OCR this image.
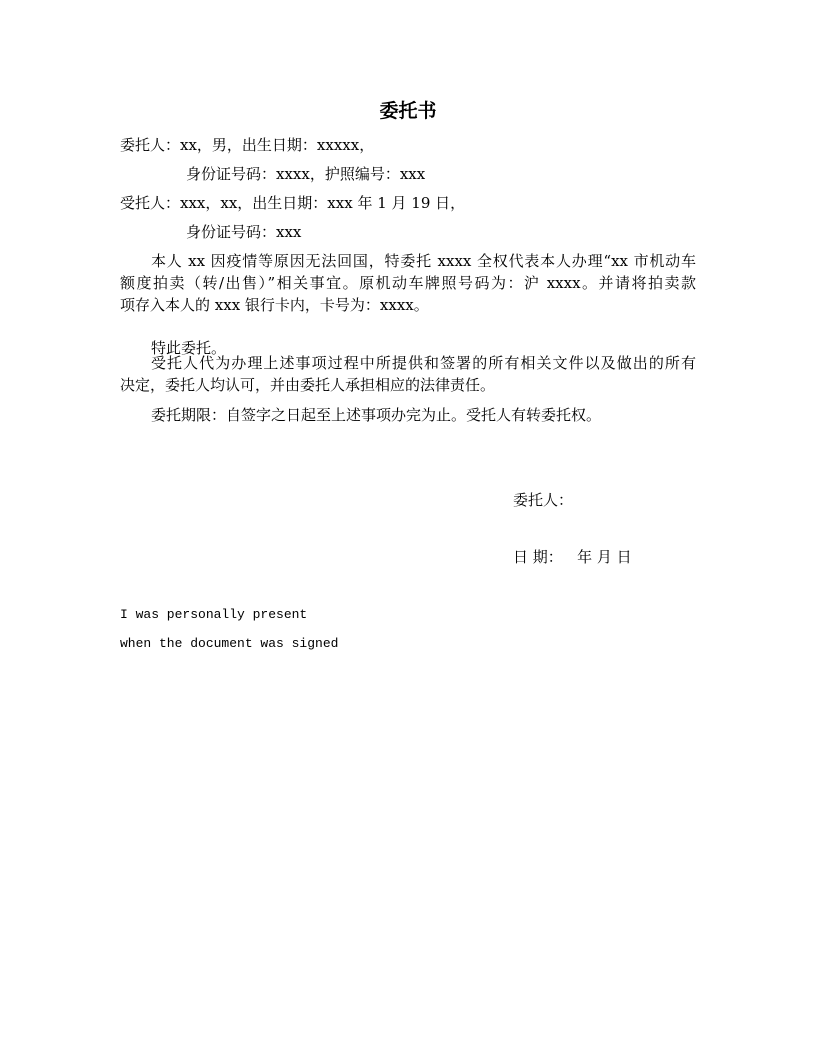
委托书
委托人：xx，男，出生日期：xxxxx，
身份证号码：xxxx，护照编号：xxx
受托人：xxx，xx，出生日期：xxx 年 1 月 19 日，
身份证号码：xxx
本人 xx 因疫情等原因无法回国，特委托 xxxx 全权代表本人办理“xx 市机动车
额度拍卖（转/出售）”相关事宜。原机动车牌照号码为：沪 xxxx。并请将拍卖款
项存入本人的 xxx 银行卡内，卡号为：xxxx。
特此委托。
受托人代为办理上述事项过程中所提供和签署的所有相关文件以及做出的所有
决定，委托人均认可，并由委托人承担相应的法律责任。
委托期限：自签字之日起至上述事项办完为止。受托人有转委托权。
委托人：
日 期：   年 月 日
I was personally present
when the document was signed
